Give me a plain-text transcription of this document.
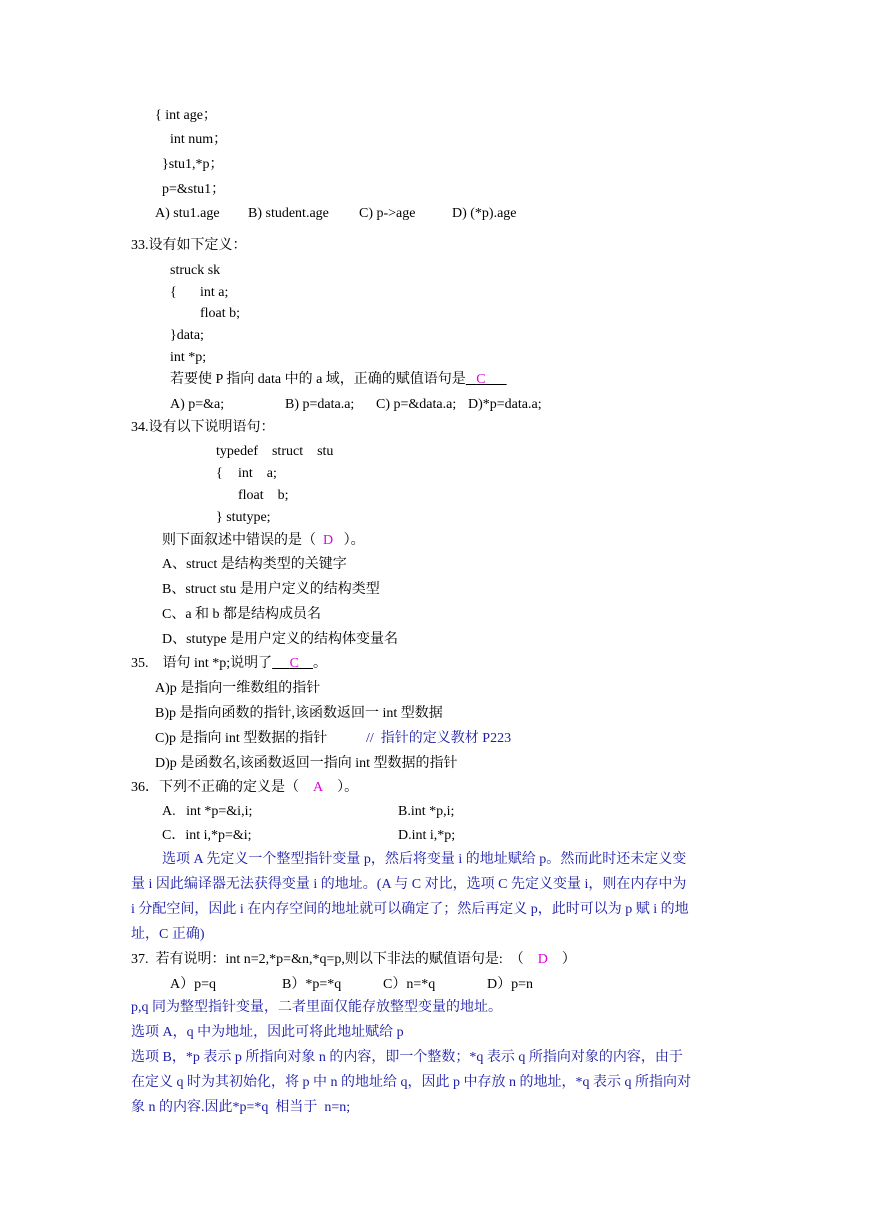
{ int age；
int num；
}stu1,*p；
p=&stu1；
A) stu1.age B) student.age C) p->age	D) (*p).age
33.设有如下定义：
struck sk
{ int a;
float b;
}data;
int *p;
若要使 P 指向 data 中的 a 域，正确的赋值语句是 C
A) p=&a;	B) p=data.a; C) p=&data.a; D)*p=data.a;
34.设有以下说明语句：
typedef    struct    stu
{ int    a;
float    b;
} stutype;
则下面叙述中错误的是（ D ）。
A、struct 是结构类型的关键字
B、struct stu 是用户定义的结构类型
C、a 和 b 都是结构成员名
D、stutype 是用户定义的结构体变量名
35.    语句 int *p;说明了 C 。
A)p 是指向一维数组的指针
B)p 是指向函数的指针,该函数返回一 int 型数据
C)p 是指向 int 型数据的指针	//  指针的定义教材 P223
D)p 是函数名,该函数返回一指向 int 型数据的指针
36．下列不正确的定义是（ A ）。
A.   int *p=&i,i;	B.int *p,i;
C．int i,*p=&i;	D.int i,*p;
选项 A 先定义一个整型指针变量 p，然后将变量 i 的地址赋给 p。然而此时还未定义变
量 i 因此编译器无法获得变量 i 的地址。(A 与 C 对比，选项 C 先定义变量 i，则在内存中为
i 分配空间，因此 i 在内存空间的地址就可以确定了；然后再定义 p，此时可以为 p 赋 i 的地
址，C 正确)
37.  若有说明：int n=2,*p=&n,*q=p,则以下非法的赋值语句是:  （ D ）
A）p=q	B）*p=*q	C）n=*q	D）p=n
p,q 同为整型指针变量，二者里面仅能存放整型变量的地址。
选项 A，q 中为地址，因此可将此地址赋给 p
选项 B，*p 表示 p 所指向对象 n 的内容，即一个整数；*q 表示 q 所指向对象的内容，由于
在定义 q 时为其初始化，将 p 中 n 的地址给 q，因此 p 中存放 n 的地址，*q 表示 q 所指向对
象 n 的内容.因此*p=*q  相当于  n=n;
